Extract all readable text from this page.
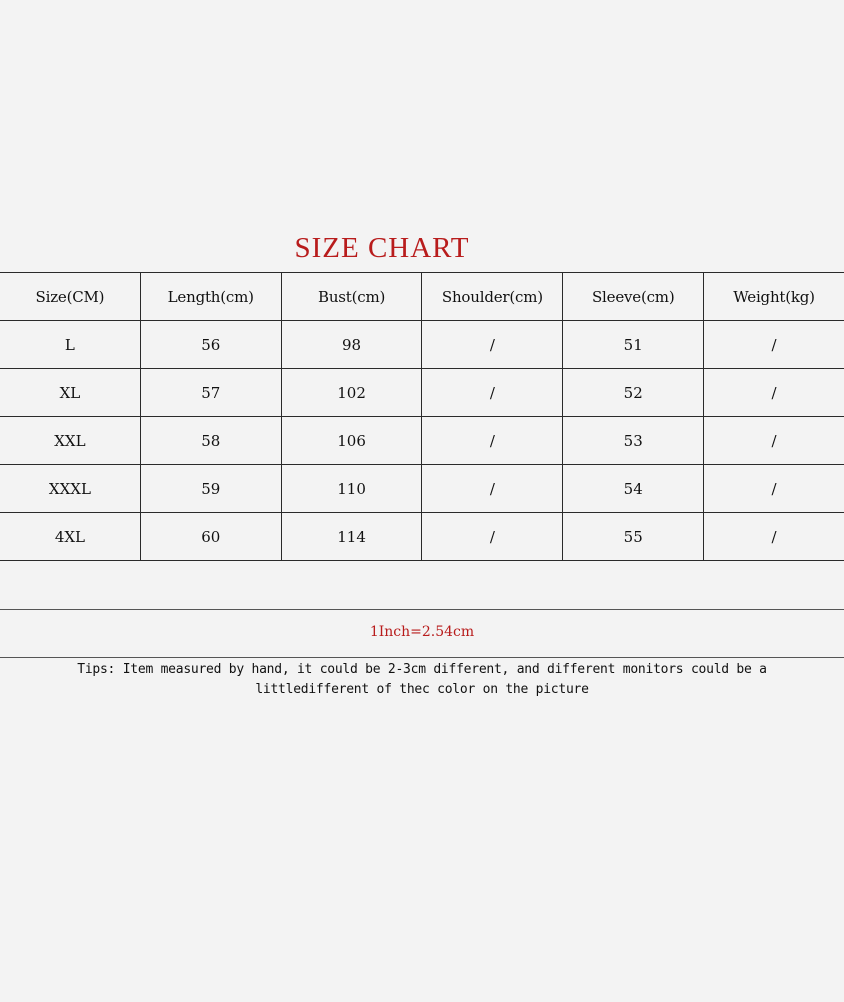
SIZE CHART
Size(CM)	Length(cm)	Bust(cm)	Shoulder(cm)	Sleeve(cm)	Weight(kg)
L	56	98	/	51	/
XL	57	102	/	52	/
XXL	58	106	/	53	/
XXXL	59	110	/	54	/
4XL	60	114	/	55	/
1Inch=2.54cm
Tips: Item measured by hand, it could be 2-3cm different, and different monitors could be a
littledifferent of thec color on the picture
